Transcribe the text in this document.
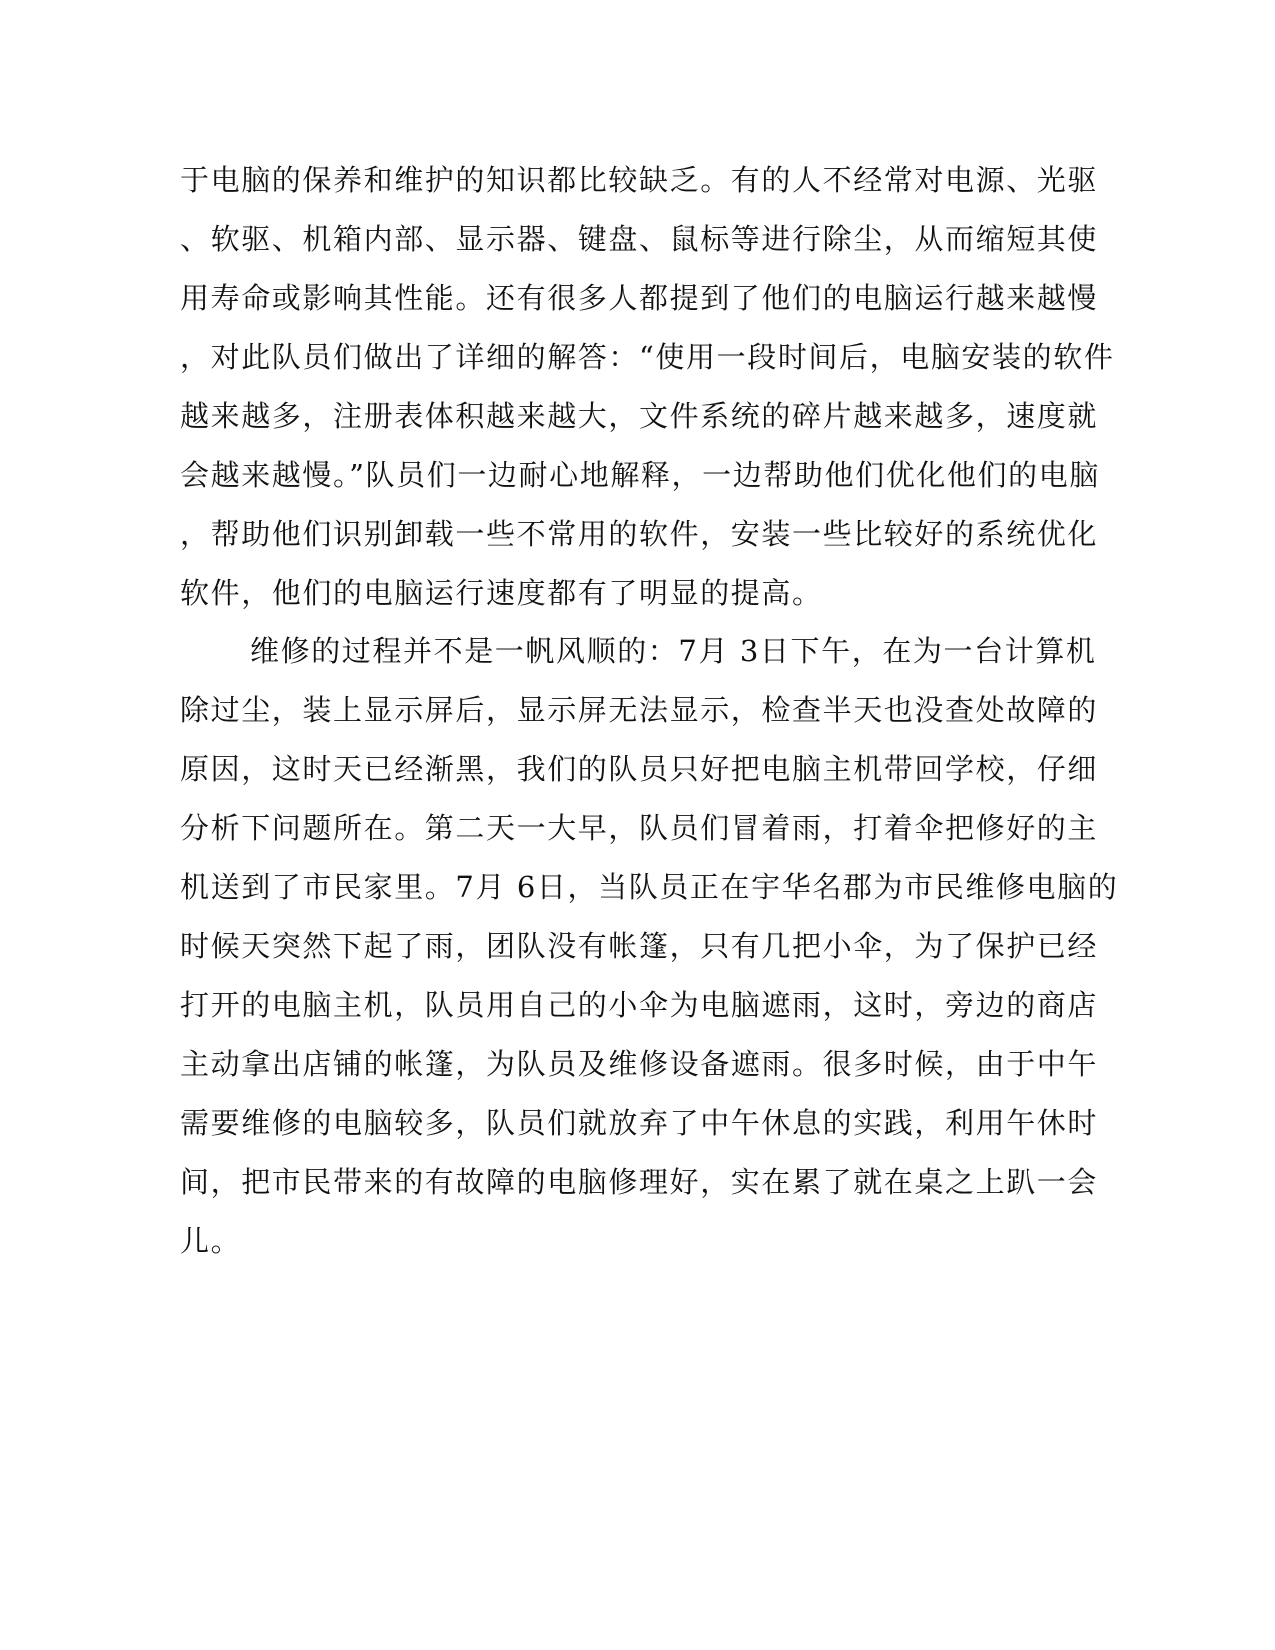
于电脑的保养和维护的知识都比较缺乏。有的人不经常对电源、光驱
、软驱、机箱内部、显示器、键盘、鼠标等进行除尘，从而缩短其使
用寿命或影响其性能。还有很多人都提到了他们的电脑运行越来越慢
，对此队员们做出了详细的解答：“使用一段时间后，电脑安装的软件
越来越多，注册表体积越来越大，文件系统的碎片越来越多，速度就
会越来越慢。”队员们一边耐心地解释，一边帮助他们优化他们的电脑
，帮助他们识别卸载一些不常用的软件，安装一些比较好的系统优化
软件，他们的电脑运行速度都有了明显的提高。
维修的过程并不是一帆风顺的：7月 3日下午，在为一台计算机
除过尘，装上显示屏后，显示屏无法显示，检查半天也没查处故障的
原因，这时天已经渐黑，我们的队员只好把电脑主机带回学校，仔细
分析下问题所在。第二天一大早，队员们冒着雨，打着伞把修好的主
机送到了市民家里。7月 6日，当队员正在宇华名郡为市民维修电脑的
时候天突然下起了雨，团队没有帐篷，只有几把小伞，为了保护已经
打开的电脑主机，队员用自己的小伞为电脑遮雨，这时，旁边的商店
主动拿出店铺的帐篷，为队员及维修设备遮雨。很多时候，由于中午
需要维修的电脑较多，队员们就放弃了中午休息的实践，利用午休时
间，把市民带来的有故障的电脑修理好，实在累了就在桌之上趴一会
儿。
